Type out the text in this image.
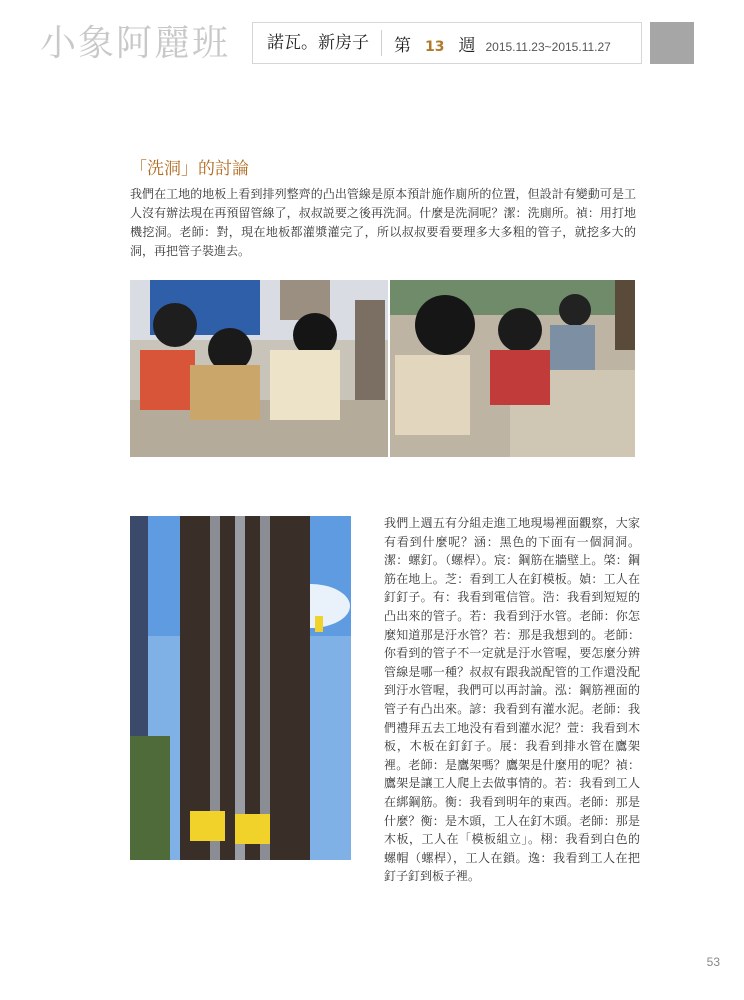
小象阿麗班	諾瓦。新房子	第 13 週 2015.11.23~2015.11.27
「洗洞」的討論

我們在工地的地板上看到排列整齊的凸出管線是原本預計施作廁所的位置，但設計有變動可是工人沒有辦法現在再預留管線了，叔叔説要之後再洗洞。什麼是洗洞呢？潔：洗廁所。禎：用打地機挖洞。老師：對，現在地板都灌漿灌完了，所以叔叔要看要理多大多粗的管子，就挖多大的洞，再把管子裝進去。

我們上週五有分組走進工地現場裡面觀察，大家有看到什麼呢？涵：黑色的下面有一個洞洞。潔：螺釘。（螺桿）。宸：鋼筋在牆壁上。棨：鋼筋在地上。芝：看到工人在釘模板。媜：工人在釘釘子。有：我看到電信管。浩：我看到短短的凸出來的管子。若：我看到汙水管。老師：你怎麼知道那是汙水管？若：那是我想到的。老師：你看到的管子不一定就是汙水管喔，要怎麼分辨管線是哪一種？叔叔有跟我説配管的工作還没配到汙水管喔，我們可以再討論。泓：鋼筋裡面的管子有凸出來。諺：我看到有灌水泥。老師：我們禮拜五去工地没有看到灌水泥？萱：我看到木板，木板在釘釘子。展：我看到排水管在鷹架裡。老師：是鷹架嗎？鷹架是什麼用的呢？禎：鷹架是讓工人爬上去做事情的。若：我看到工人在綁鋼筋。衡：我看到明年的東西。老師：那是什麼？衡：是木頭，工人在釘木頭。老師：那是木板，工人在「模板組立」。栩：我看到白色的螺帽（螺桿），工人在鎖。逸：我看到工人在把釘子釘到板子裡。

53
